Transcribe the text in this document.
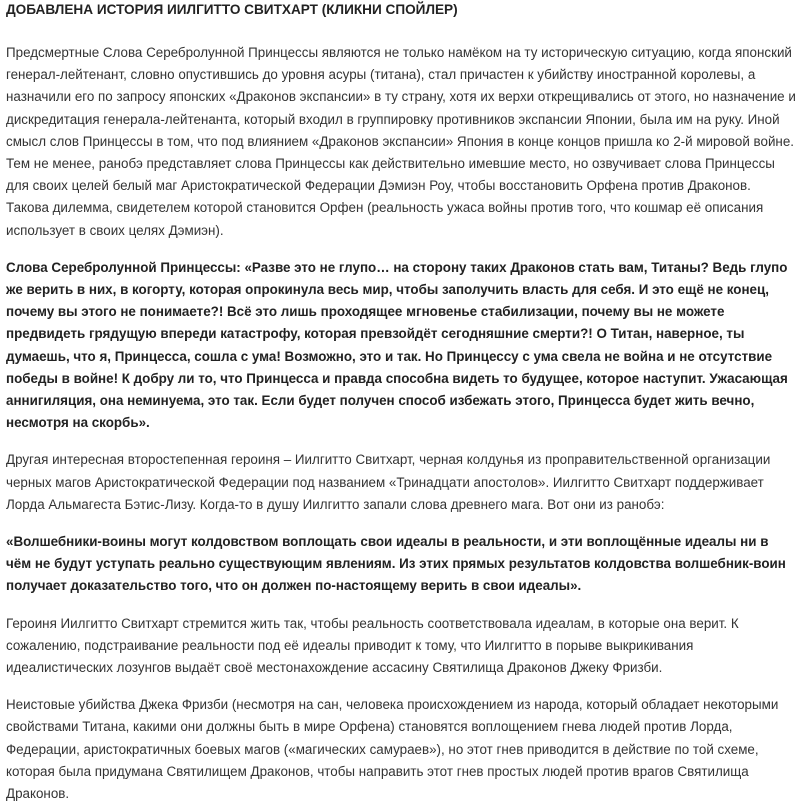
ДОБАВЛЕНА ИСТОРИЯ ИИЛГИТТО СВИТХАРТ (КЛИКНИ СПОЙЛЕР)

Предсмертные Слова Серебролунной Принцессы являются не только намёком на ту историческую ситуацию, когда японский генерал-лейтенант, словно опустившись до уровня асуры (титана), стал причастен к убийству иностранной королевы, а назначили его по запросу японских «Драконов экспансии» в ту страну, хотя их верхи открещивались от этого, но назначение и дискредитация генерала-лейтенанта, который входил в группировку противников экспансии Японии, была им на руку. Иной смысл слов Принцессы в том, что под влиянием «Драконов экспансии» Япония в конце концов пришла ко 2-й мировой войне. Тем не менее, ранобэ представляет слова Принцессы как действительно имевшие место, но озвучивает слова Принцессы для своих целей белый маг Аристократической Федерации Дэмиэн Роу, чтобы восстановить Орфена против Драконов. Такова дилемма, свидетелем которой становится Орфен (реальность ужаса войны против того, что кошмар её описания использует в своих целях Дэмиэн).

Слова Серебролунной Принцессы: «Разве это не глупо… на сторону таких Драконов стать вам, Титаны? Ведь глупо же верить в них, в когорту, которая опрокинула весь мир, чтобы заполучить власть для себя. И это ещё не конец, почему вы этого не понимаете?! Всё это лишь проходящее мгновенье стабилизации, почему вы не можете предвидеть грядущую впереди катастрофу, которая превзойдёт сегодняшние смерти?! О Титан, наверное, ты думаешь, что я, Принцесса, сошла с ума! Возможно, это и так. Но Принцессу с ума свела не война и не отсутствие победы в войне! К добру ли то, что Принцесса и правда способна видеть то будущее, которое наступит. Ужасающая аннигиляция, она неминуема, это так. Если будет получен способ избежать этого, Принцесса будет жить вечно, несмотря на скорбь».

Другая интересная второстепенная героиня – Иилгитто Свитхарт, черная колдунья из проправительственной организации черных магов Аристократической Федерации под названием «Тринадцати апостолов». Иилгитто Свитхарт поддерживает Лорда Альмагеста Бэтис-Лизу. Когда-то в душу Иилгитто запали слова древнего мага. Вот они из ранобэ:

«Волшебники-воины могут колдовством воплощать свои идеалы в реальности, и эти воплощённые идеалы ни в чём не будут уступать реально существующим явлениям. Из этих прямых результатов колдовства волшебник-воин получает доказательство того, что он должен по-настоящему верить в свои идеалы».

Героиня Иилгитто Свитхарт стремится жить так, чтобы реальность соответствовала идеалам, в которые она верит. К сожалению, подстраивание реальности под её идеалы приводит к тому, что Иилгитто в порыве выкрикивания идеалистических лозунгов выдаёт своё местонахождение ассасину Святилища Драконов Джеку Фризби.

Неистовые убийства Джека Фризби (несмотря на сан, человека происхождением из народа, который обладает некоторыми свойствами Титана, какими они должны быть в мире Орфена) становятся воплощением гнева людей против Лорда, Федерации, аристократичных боевых магов («магических самураев»), но этот гнев приводится в действие по той схеме, которая была придумана Святилищем Драконов, чтобы направить этот гнев простых людей против врагов Святилища Драконов.
